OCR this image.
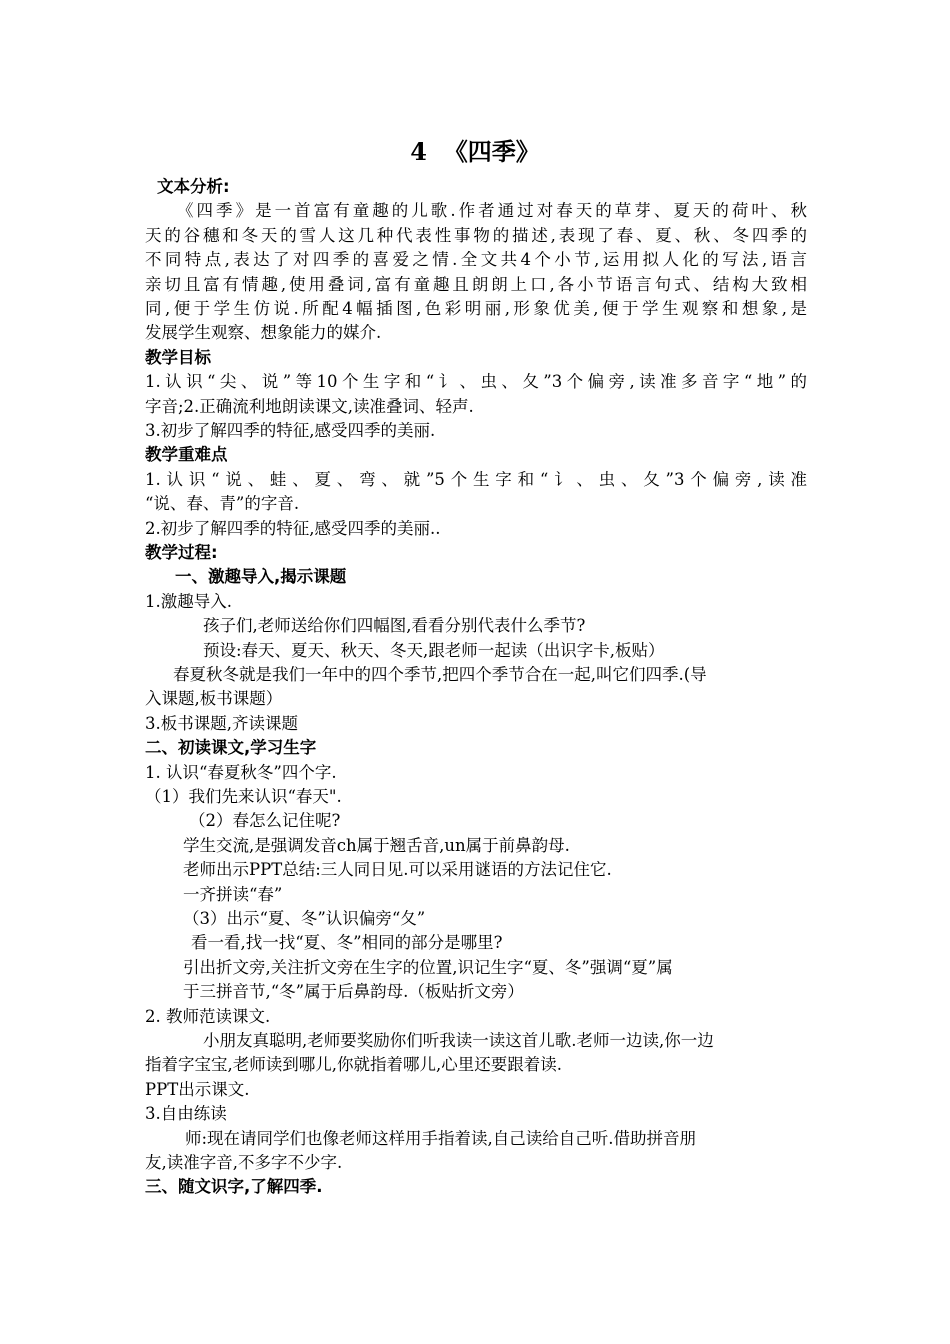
4  《四季》
文本分析:
《四季》是一首富有童趣的儿歌.作者通过对春天的草芽、夏天的荷叶、秋
天的谷穗和冬天的雪人这几种代表性事物的描述,表现了春、夏、秋、冬四季的
不同特点,表达了对四季的喜爱之情.全文共4个小节,运用拟人化的写法,语言
亲切且富有情趣,使用叠词,富有童趣且朗朗上口,各小节语言句式、结构大致相
同,便于学生仿说.所配4幅插图,色彩明丽,形象优美,便于学生观察和想象,是
发展学生观察、想象能力的媒介.
教学目标
1.认识“尖、说”等10个生字和“讠、虫、夂”3个偏旁,读准多音字“地”的
字音;2.正确流利地朗读课文,读准叠词、轻声.
3.初步了解四季的特征,感受四季的美丽.
教学重难点
1.认识“说、蛙、夏、弯、就”5个生字和“讠、虫、夂”3个偏旁,读准
“说、春、青”的字音.
2.初步了解四季的特征,感受四季的美丽..
教学过程:
一、激趣导入,揭示课题
1.激趣导入.
孩子们,老师送给你们四幅图,看看分别代表什么季节?
预设:春天、夏天、秋天、冬天,跟老师一起读（出识字卡,板贴）
春夏秋冬就是我们一年中的四个季节,把四个季节合在一起,叫它们四季.(导
入课题,板书课题）
3.板书课题,齐读课题
二、初读课文,学习生字
1. 认识“春夏秋冬”四个字.
（1）我们先来认识“春天".
（2）春怎么记住呢?
学生交流,是强调发音ch属于翘舌音,un属于前鼻韵母.
老师出示PPT总结:三人同日见.可以采用谜语的方法记住它.
一齐拼读“春”
（3）出示“夏、冬”认识偏旁“夂”
看一看,找一找“夏、冬”相同的部分是哪里?
引出折文旁,关注折文旁在生字的位置,识记生字“夏、冬”强调“夏”属
于三拼音节,“冬”属于后鼻韵母.（板贴折文旁）
2. 教师范读课文.
小朋友真聪明,老师要奖励你们听我读一读这首儿歌.老师一边读,你一边
指着字宝宝,老师读到哪儿,你就指着哪儿,心里还要跟着读.
PPT出示课文.
3.自由练读
师:现在请同学们也像老师这样用手指着读,自己读给自己听.借助拼音朋
友,读准字音,不多字不少字.
三、随文识字,了解四季.
